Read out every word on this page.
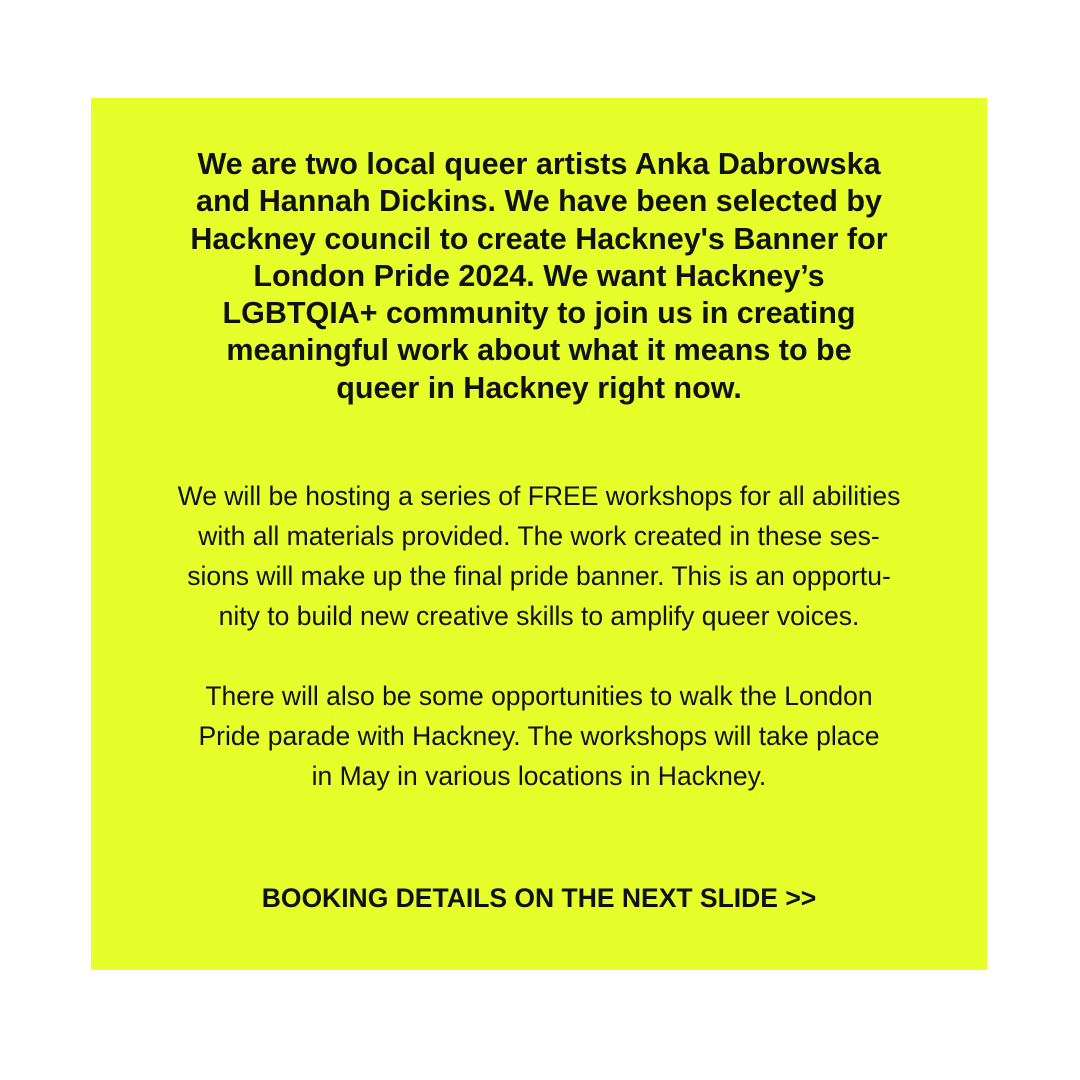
We are two local queer artists Anka Dabrowska
and Hannah Dickins. We have been selected by
Hackney council to create Hackney's Banner for
London Pride 2024. We want Hackney’s
LGBTQIA+ community to join us in creating
meaningful work about what it means to be
queer in Hackney right now.

We will be hosting a series of FREE workshops for all abilities
with all materials provided. The work created in these ses-
sions will make up the final pride banner. This is an opportu-
nity to build new creative skills to amplify queer voices.

There will also be some opportunities to walk the London
Pride parade with Hackney. The workshops will take place
in May in various locations in Hackney.

BOOKING DETAILS ON THE NEXT SLIDE >>
